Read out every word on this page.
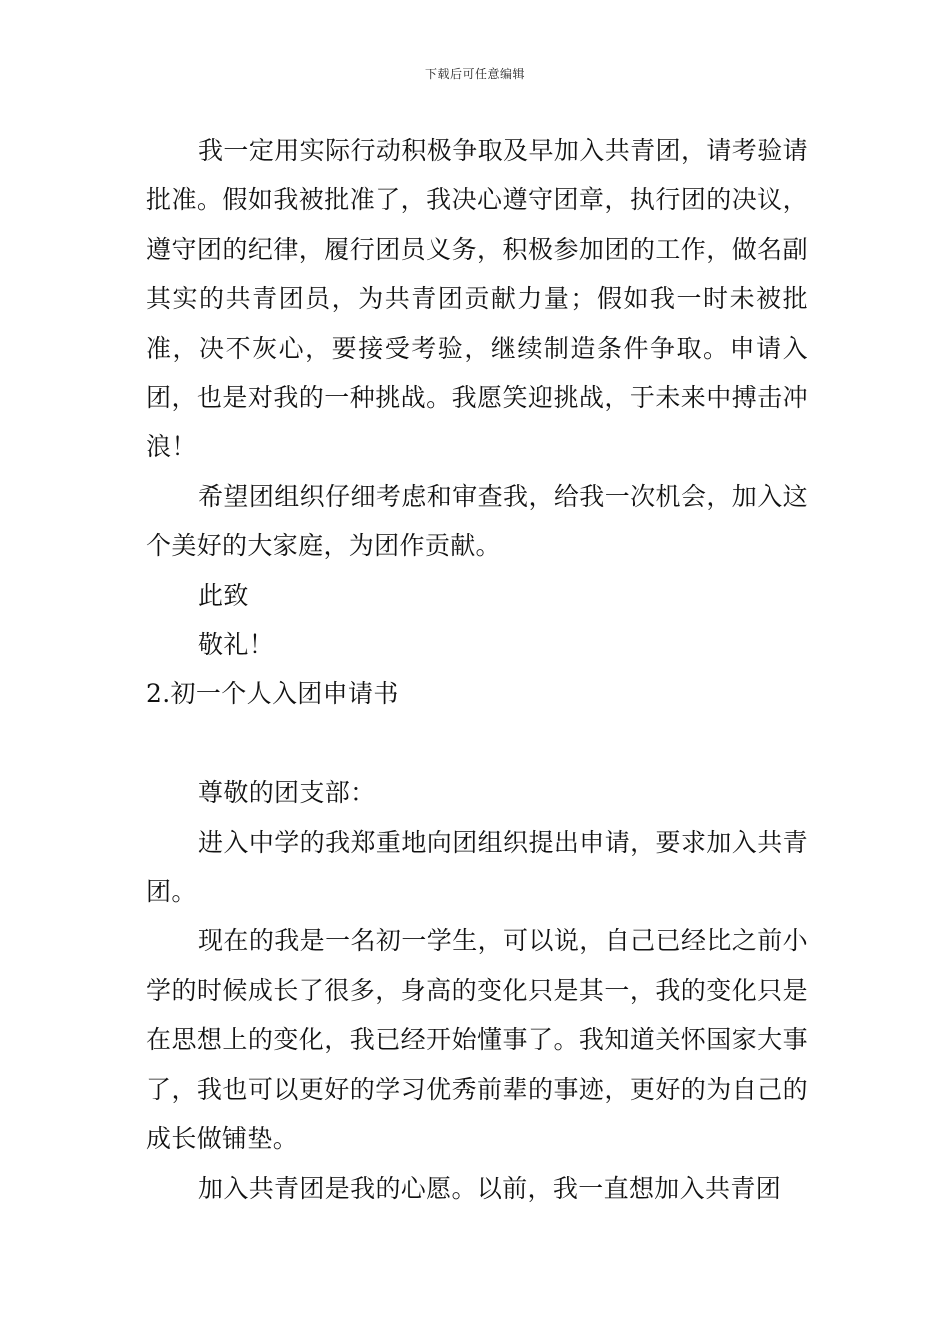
下载后可任意编辑

我一定用实际行动积极争取及早加入共青团，请考验请批准。假如我被批准了，我决心遵守团章，执行团的决议，遵守团的纪律，履行团员义务，积极参加团的工作，做名副其实的共青团员，为共青团贡献力量；假如我一时未被批准，决不灰心，要接受考验，继续制造条件争取。申请入团，也是对我的一种挑战。我愿笑迎挑战，于未来中搏击冲浪！

希望团组织仔细考虑和审查我，给我一次机会，加入这个美好的大家庭，为团作贡献。

此致

敬礼！

2.初一个人入团申请书

尊敬的团支部：

进入中学的我郑重地向团组织提出申请，要求加入共青团。

现在的我是一名初一学生，可以说，自己已经比之前小学的时候成长了很多，身高的变化只是其一，我的变化只是在思想上的变化，我已经开始懂事了。我知道关怀国家大事了，我也可以更好的学习优秀前辈的事迹，更好的为自己的成长做铺垫。

加入共青团是我的心愿。以前，我一直想加入共青团
